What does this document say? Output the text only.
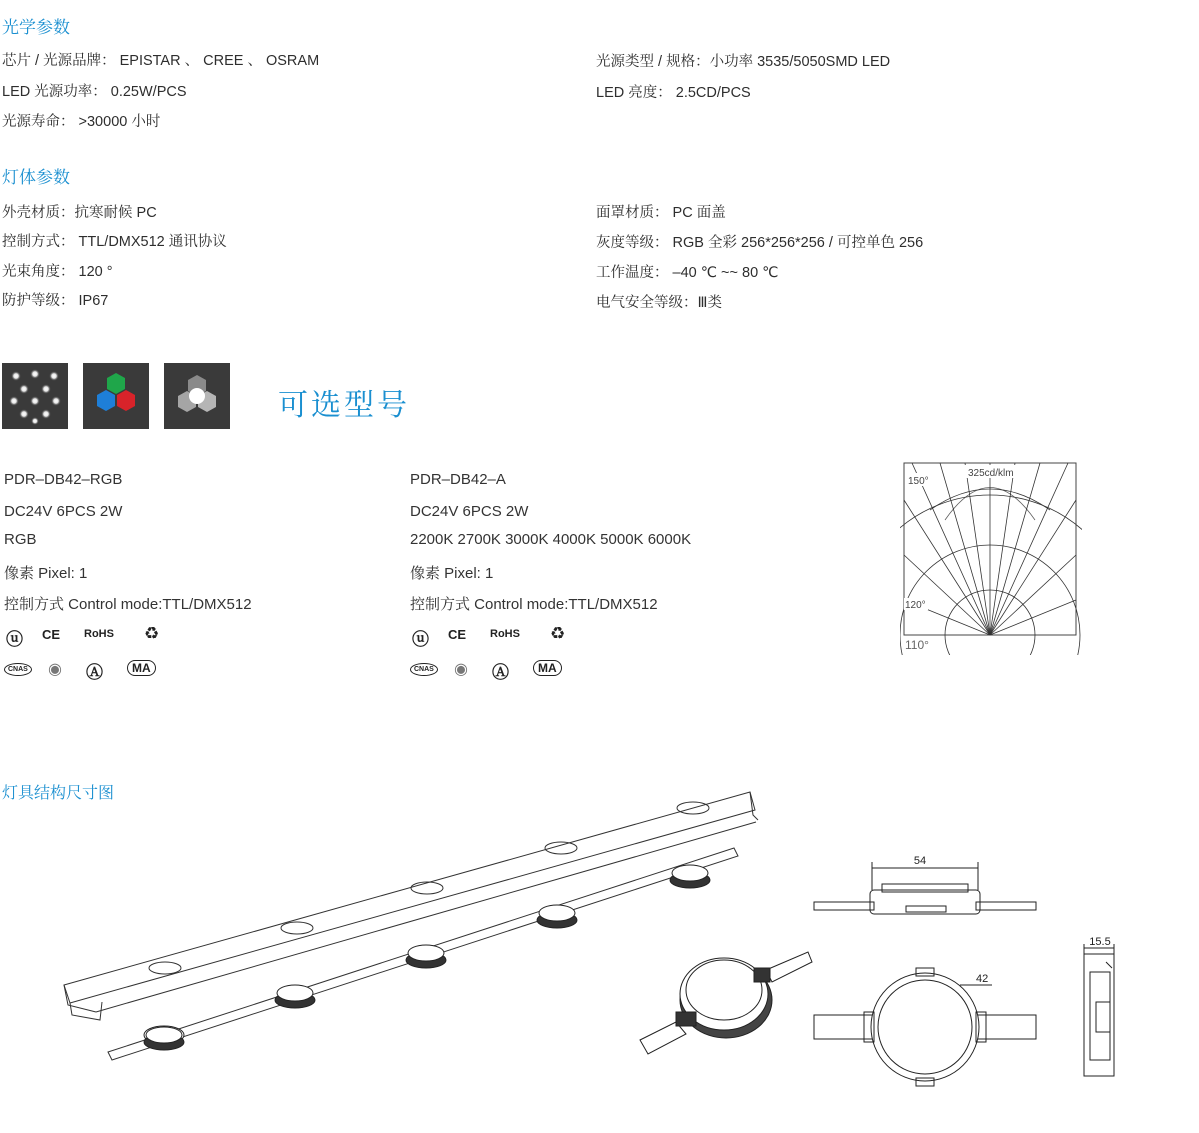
光学参数
芯片 / 光源品牌： EPISTAR 、 CREE 、 OSRAM
LED 光源功率： 0.25W/PCS
光源寿命： >30000 小时
光源类型 / 规格：小功率 3535/5050SMD LED
LED 亮度： 2.5CD/PCS
灯体参数
外壳材质：抗寒耐候 PC
控制方式： TTL/DMX512 通讯协议
光束角度： 120 °
防护等级： IP67
面罩材质： PC 面盖
灰度等级： RGB 全彩 256*256*256 / 可控单色 256
工作温度： –40 ℃ ~~ 80 ℃
电气安全等级：Ⅲ类
可选型号
PDR–DB42–RGB
DC24V 6PCS 2W
RGB
像素 Pixel: 1
控制方式 Control mode:TTL/DMX512
ⓤ CE RoHS ♻
CNAS ◉ Ⓐ	MA
PDR–DB42–A
DC24V 6PCS 2W
2200K 2700K 3000K 4000K 5000K 6000K
像素 Pixel: 1
控制方式 Control mode:TTL/DMX512
ⓤ CE RoHS ♻
CNAS ◉ Ⓐ	MA
325cd/klm
150°
120°
110°
灯具结构尺寸图
54
42
15.5
